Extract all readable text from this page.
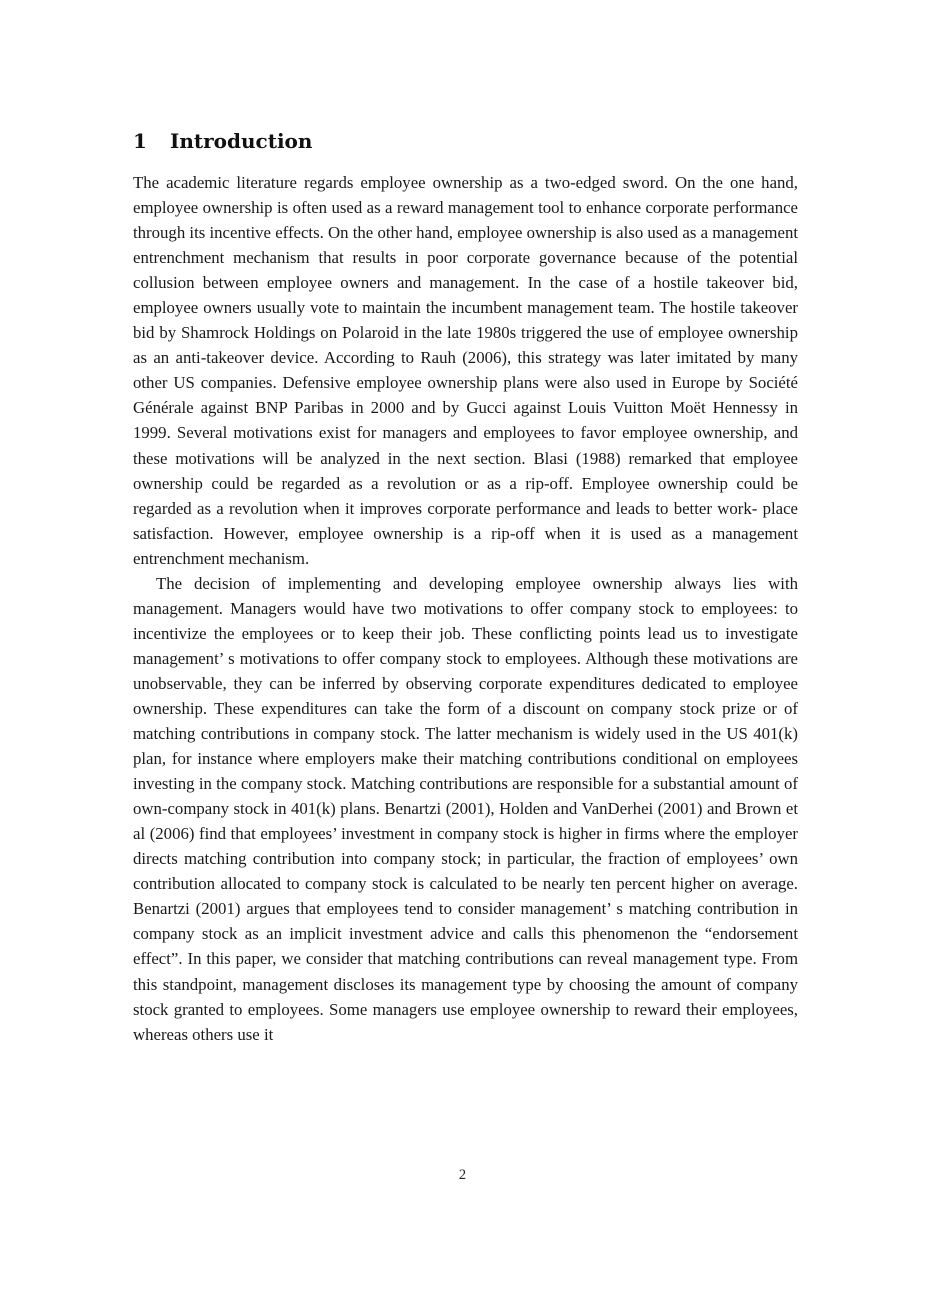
1 Introduction

The academic literature regards employee ownership as a two-edged sword. On the one hand, employee ownership is often used as a reward management tool to enhance corporate performance through its incentive effects. On the other hand, employee ownership is also used as a management entrenchment mechanism that results in poor corporate governance because of the potential collusion between employee owners and management. In the case of a hostile takeover bid, employee owners usually vote to maintain the incumbent management team. The hostile takeover bid by Shamrock Holdings on Polaroid in the late 1980s triggered the use of employee ownership as an anti-takeover device. According to Rauh (2006), this strategy was later imitated by many other US companies. Defensive employee ownership plans were also used in Europe by Société Générale against BNP Paribas in 2000 and by Gucci against Louis Vuitton Moët Hennessy in 1999. Several motivations exist for managers and employees to favor employee ownership, and these motivations will be analyzed in the next section. Blasi (1988) remarked that employee ownership could be regarded as a revolution or as a rip-off. Employee ownership could be regarded as a revolution when it improves corporate performance and leads to better work- place satisfaction. However, employee ownership is a rip-off when it is used as a management entrenchment mechanism.

The decision of implementing and developing employee ownership always lies with management. Managers would have two motivations to offer company stock to employees: to incentivize the employees or to keep their job. These conflicting points lead us to investigate management’ s motivations to offer company stock to employees. Although these motivations are unobservable, they can be inferred by observing corporate expenditures dedicated to employee ownership. These expenditures can take the form of a discount on company stock prize or of matching contributions in company stock. The latter mechanism is widely used in the US 401(k) plan, for instance where employers make their matching contributions conditional on employees investing in the company stock. Matching contributions are responsible for a substantial amount of own-company stock in 401(k) plans. Benartzi (2001), Holden and VanDerhei (2001) and Brown et al (2006) find that employees’ investment in company stock is higher in firms where the employer directs matching contribution into company stock; in particular, the fraction of employees’ own contribution allocated to company stock is calculated to be nearly ten percent higher on average. Benartzi (2001) argues that employees tend to consider management’ s matching contribution in company stock as an implicit investment advice and calls this phenomenon the “endorsement effect”. In this paper, we consider that matching contributions can reveal management type. From this standpoint, management discloses its management type by choosing the amount of company stock granted to employees. Some managers use employee ownership to reward their employees, whereas others use it

2
